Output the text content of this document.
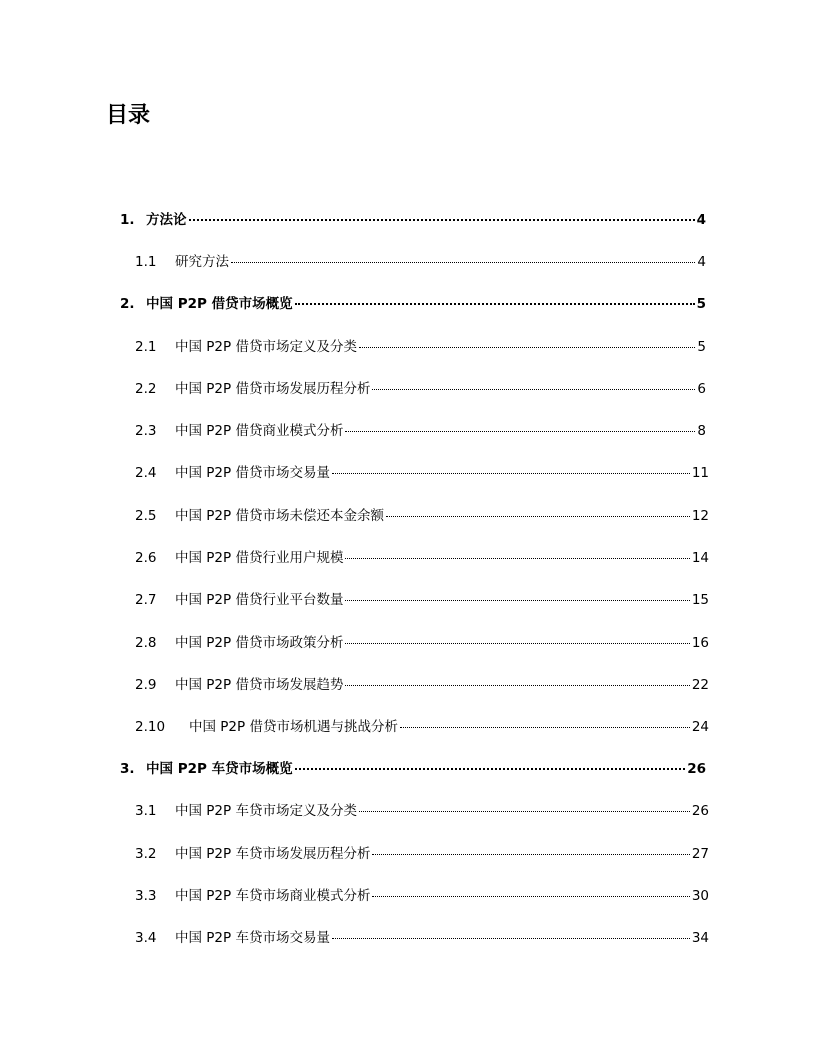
目录
1. 方法论	4
1.1	研究方法	4
2. 中国 P2P 借贷市场概览	5
2.1	中国 P2P 借贷市场定义及分类	5
2.2	中国 P2P 借贷市场发展历程分析	6
2.3	中国 P2P 借贷商业模式分析	8
2.4	中国 P2P 借贷市场交易量	11
2.5	中国 P2P 借贷市场未偿还本金余额	12
2.6	中国 P2P 借贷行业用户规模	14
2.7	中国 P2P 借贷行业平台数量	15
2.8	中国 P2P 借贷市场政策分析	16
2.9	中国 P2P 借贷市场发展趋势	22
2.10	中国 P2P 借贷市场机遇与挑战分析	24
3. 中国 P2P 车贷市场概览	26
3.1	中国 P2P 车贷市场定义及分类	26
3.2	中国 P2P 车贷市场发展历程分析	27
3.3	中国 P2P 车贷市场商业模式分析	30
3.4	中国 P2P 车贷市场交易量	34
